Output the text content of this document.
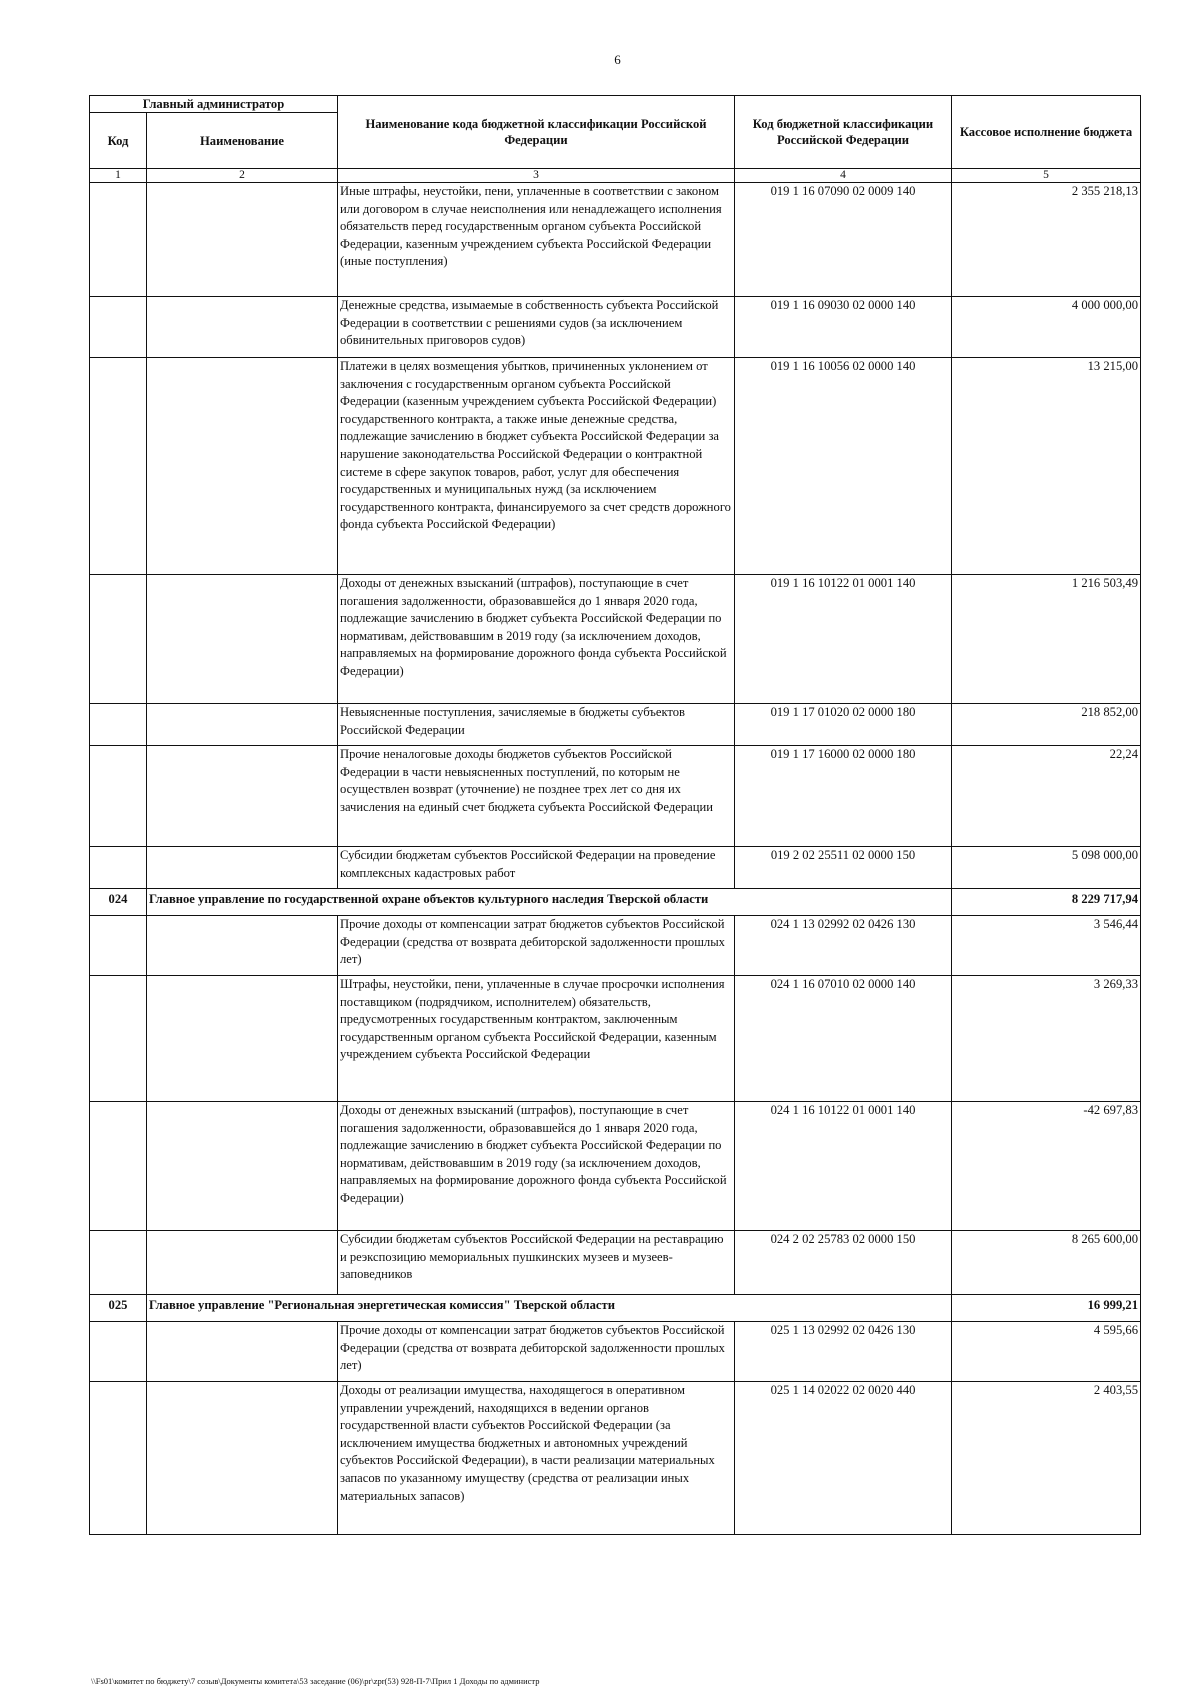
6
Главный администратор		Наименование кода бюджетной классификации Российской Федерации	Код бюджетной классификации Российской Федерации	Кассовое исполнение бюджета
Код	Наименование			
1	2	3	4	5
		Иные штрафы, неустойки, пени, уплаченные в соответствии с законом или договором в случае неисполнения или ненадлежащего исполнения обязательств перед государственным органом субъекта Российской Федерации, казенным учреждением субъекта Российской Федерации (иные поступления)	019 1 16 07090 02 0009 140	2 355 218,13
		Денежные средства, изымаемые в собственность субъекта Российской Федерации в соответствии с решениями судов (за исключением обвинительных приговоров судов)	019 1 16 09030 02 0000 140	4 000 000,00
		Платежи в целях возмещения убытков, причиненных уклонением от заключения с государственным органом субъекта Российской Федерации (казенным учреждением субъекта Российской Федерации) государственного контракта, а также иные денежные средства, подлежащие зачислению в бюджет субъекта Российской Федерации за нарушение законодательства Российской Федерации о контрактной системе в сфере закупок товаров, работ, услуг для обеспечения государственных и муниципальных нужд (за исключением государственного контракта, финансируемого за счет средств дорожного фонда субъекта Российской Федерации)	019 1 16 10056 02 0000 140	13 215,00
		Доходы от денежных взысканий (штрафов), поступающие в счет погашения задолженности, образовавшейся до 1 января 2020 года, подлежащие зачислению в бюджет субъекта Российской Федерации по нормативам, действовавшим в 2019 году (за исключением доходов, направляемых на формирование дорожного фонда субъекта Российской Федерации)	019 1 16 10122 01 0001 140	1 216 503,49
		Невыясненные поступления, зачисляемые в бюджеты субъектов Российской Федерации	019 1 17 01020 02 0000 180	218 852,00
		Прочие неналоговые доходы бюджетов субъектов Российской Федерации в части невыясненных поступлений, по которым не осуществлен возврат (уточнение) не позднее трех лет со дня их зачисления на единый счет бюджета субъекта Российской Федерации	019 1 17 16000 02 0000 180	22,24
		Субсидии бюджетам субъектов Российской Федерации на проведение комплексных кадастровых работ	019 2 02 25511 02 0000 150	5 098 000,00
024	Главное управление по государственной охране объектов культурного наследия Тверской области			8 229 717,94
		Прочие доходы от компенсации затрат бюджетов субъектов Российской Федерации (средства от возврата дебиторской задолженности прошлых лет)	024 1 13 02992 02 0426 130	3 546,44
		Штрафы, неустойки, пени, уплаченные в случае просрочки исполнения поставщиком (подрядчиком, исполнителем) обязательств, предусмотренных государственным контрактом, заключенным государственным органом субъекта Российской Федерации, казенным учреждением субъекта Российской Федерации	024 1 16 07010 02 0000 140	3 269,33
		Доходы от денежных взысканий (штрафов), поступающие в счет погашения задолженности, образовавшейся до 1 января 2020 года, подлежащие зачислению в бюджет субъекта Российской Федерации по нормативам, действовавшим в 2019 году (за исключением доходов, направляемых на формирование дорожного фонда субъекта Российской Федерации)	024 1 16 10122 01 0001 140	-42 697,83
		Субсидии бюджетам субъектов Российской Федерации на реставрацию и реэкспозицию мемориальных пушкинских музеев и музеев-заповедников	024 2 02 25783 02 0000 150	8 265 600,00
025	Главное управление "Региональная энергетическая комиссия" Тверской области			16 999,21
		Прочие доходы от компенсации затрат бюджетов субъектов Российской Федерации (средства от возврата дебиторской задолженности прошлых лет)	025 1 13 02992 02 0426 130	4 595,66
		Доходы от реализации имущества, находящегося в оперативном управлении учреждений, находящихся в ведении органов государственной власти субъектов Российской Федерации (за исключением имущества бюджетных и автономных учреждений субъектов Российской Федерации), в части реализации материальных запасов по указанному имуществу (средства от реализации иных материальных запасов)	025 1 14 02022 02 0020 440	2 403,55
\\Fs01\комитет по бюджету\7 созыв\Документы комитета\53 заседание (06)\pr\zpr(53) 928-П-7\Прил 1 Доходы по администр
